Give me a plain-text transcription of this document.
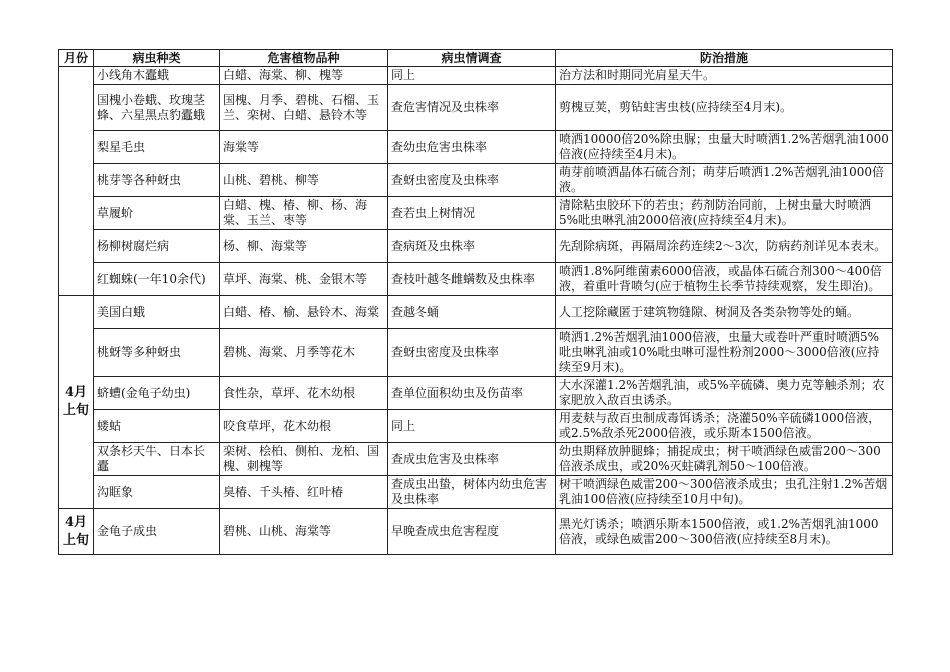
月份	病虫种类	危害植物品种	病虫情调查	防治措施

	小线角木蠹蛾	白蜡、海棠、柳、槐等	同上	治方法和时期同光肩星天牛。
	国槐小卷蛾、玫瑰茎蜂、六星黑点豹蠹蛾	国槐、月季、碧桃、石榴、玉兰、栾树、白蜡、悬铃木等	查危害情况及虫株率	剪槐豆荚，剪钻蛀害虫枝(应持续至4月末)。
	梨星毛虫	海棠等	查幼虫危害虫株率	喷洒10000倍20%除虫脲；虫量大时喷洒1.2%苦烟乳油1000倍液(应持续至4月末)。
	桃芽等各种蚜虫	山桃、碧桃、柳等	查蚜虫密度及虫株率	萌芽前喷洒晶体石硫合剂；萌芽后喷洒1.2%苦烟乳油1000倍液。
	草履蚧	白蜡、槐、椿、柳、杨、海棠、玉兰、枣等	查若虫上树情况	清除粘虫胶环下的若虫；药剂防治同前，上树虫量大时喷洒5%吡虫啉乳油2000倍液(应持续至4月末)。
	杨柳树腐烂病	杨、柳、海棠等	查病斑及虫株率	先刮除病斑，再隔周涂药连续2～3次，防病药剂详见本表末。
	红蜘蛛(一年10余代)	草坪、海棠、桃、金银木等	查枝叶越冬雌螨数及虫株率	喷洒1.8%阿维菌素6000倍液，或晶体石硫合剂300～400倍液，着重叶背喷匀(应于植物生长季节持续观察，发生即治)。

4月
上旬	美国白蛾	白蜡、椿、榆、悬铃木、海棠	查越冬蛹	人工挖除藏匿于建筑物缝隙、树洞及各类杂物等处的蛹。
	桃蚜等多种蚜虫	碧桃、海棠、月季等花木	查蚜虫密度及虫株率	喷洒1.2%苦烟乳油1000倍液，虫量大或卷叶严重时喷洒5%吡虫啉乳油或10%吡虫啉可湿性粉剂2000～3000倍液(应持续至9月末)。
	蛴螬(金龟子幼虫)	食性杂，草坪、花木幼根	查单位面积幼虫及伤苗率	大水深灌1.2%苦烟乳油，或5%辛硫磷、奥力克等触杀剂；农家肥放入敌百虫诱杀。
	蝼蛄	咬食草坪，花木幼根	同上	用麦麸与敌百虫制成毒饵诱杀；浇灌50%辛硫磷1000倍液，或2.5%敌杀死2000倍液，或乐斯本1500倍液。
	双条杉天牛、日本长蠹	栾树、桧柏、侧柏、龙柏、国槐、刺槐等	查成虫危害及虫株率	幼虫期释放肿腿蜂；捕捉成虫；树干喷洒绿色威雷200～300倍液杀成虫，或20%灭蛀磷乳剂50～100倍液。
	沟眶象	臭椿、千头椿、红叶椿	查成虫出蛰，树体内幼虫危害及虫株率	树干喷洒绿色威雷200～300倍液杀成虫；虫孔注射1.2%苦烟乳油100倍液(应持续至10月中旬)。

4月
上旬	金龟子成虫	碧桃、山桃、海棠等	早晚查成虫危害程度	黑光灯诱杀；喷洒乐斯本1500倍液，或1.2%苦烟乳油1000倍液，或绿色威雷200～300倍液(应持续至8月末)。
